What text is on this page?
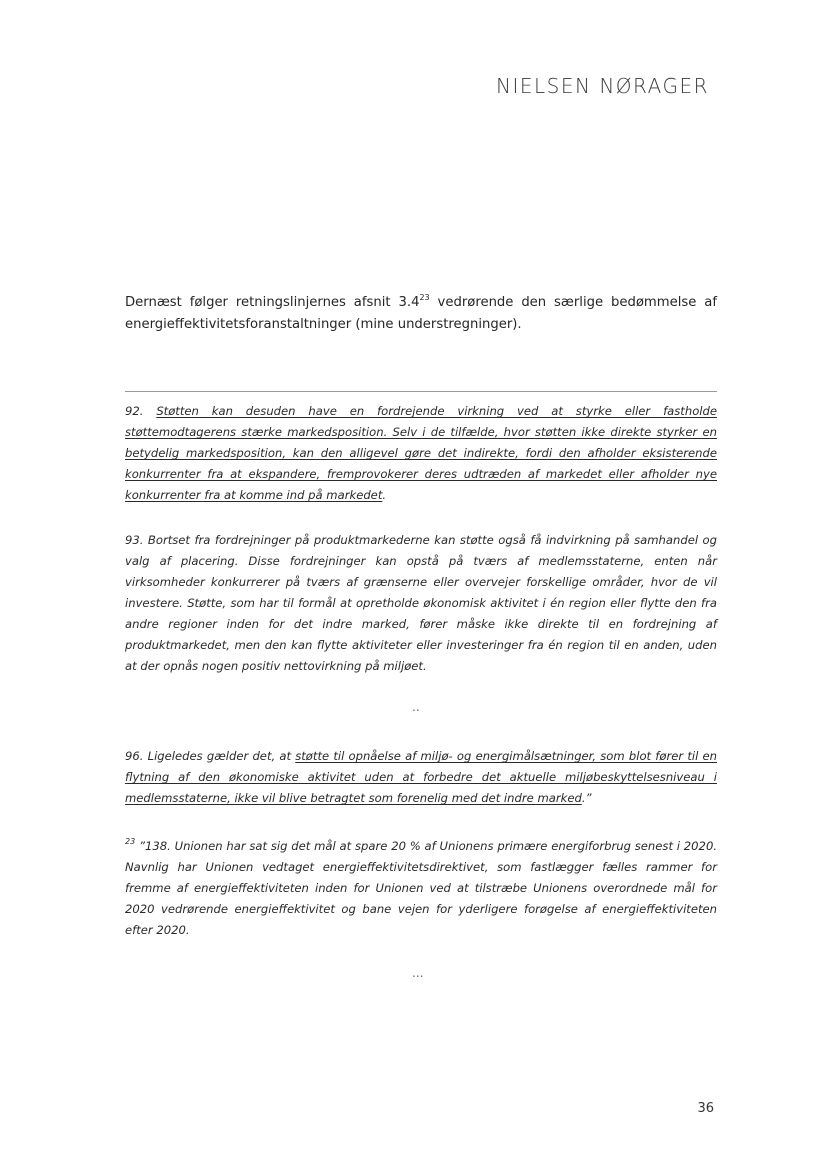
NIELSEN NØRAGER
Dernæst følger retningslinjernes afsnit $3.4^{23}$ vedrørende den særlige bedømmelse af energieffektivitetsforanstaltninger (mine understregninger).
92. Støtten kan desuden have en fordrejende virkning ved at styrke eller fastholde støttemodtagerens stærke markedsposition. Selv i de tilfælde, hvor støtten ikke direkte styrker en betydelig markedsposition, kan den alligevel gøre det indirekte, fordi den afholder eksisterende konkurrenter fra at ekspandere, fremprovokerer deres udtræden af markedet eller afholder nye konkurrenter fra at komme ind på markedet.
93. Bortset fra fordrejninger på produktmarkederne kan støtte også få indvirkning på samhandel og valg af placering. Disse fordrejninger kan opstå på tværs af medlemsstaterne, enten når virksomheder konkurrerer på tværs af grænserne eller overvejer forskellige områder, hvor de vil investere. Støtte, som har til formål at opretholde økonomisk aktivitet i én region eller flytte den fra andre regioner inden for det indre marked, fører måske ikke direkte til en fordrejning af produktmarkedet, men den kan flytte aktiviteter eller investeringer fra én region til en anden, uden at der opnås nogen positiv nettovirkning på miljøet.
..
96. Ligeledes gælder det, at støtte til opnåelse af miljø- og energimålsætninger, som blot fører til en flytning af den økonomiske aktivitet uden at forbedre det aktuelle miljøbeskyttelsesniveau i medlemsstaterne, ikke vil blive betragtet som forenelig med det indre marked.”
$^{23}$ ”138. Unionen har sat sig det mål at spare 20 % af Unionens primære energiforbrug senest i 2020. Navnlig har Unionen vedtaget energieffektivitetsdirektivet, som fastlægger fælles rammer for fremme af energieffektiviteten inden for Unionen ved at tilstræbe Unionens overordnede mål for 2020 vedrørende energieffektivitet og bane vejen for yderligere forøgelse af energieffektiviteten efter 2020.
...
36
